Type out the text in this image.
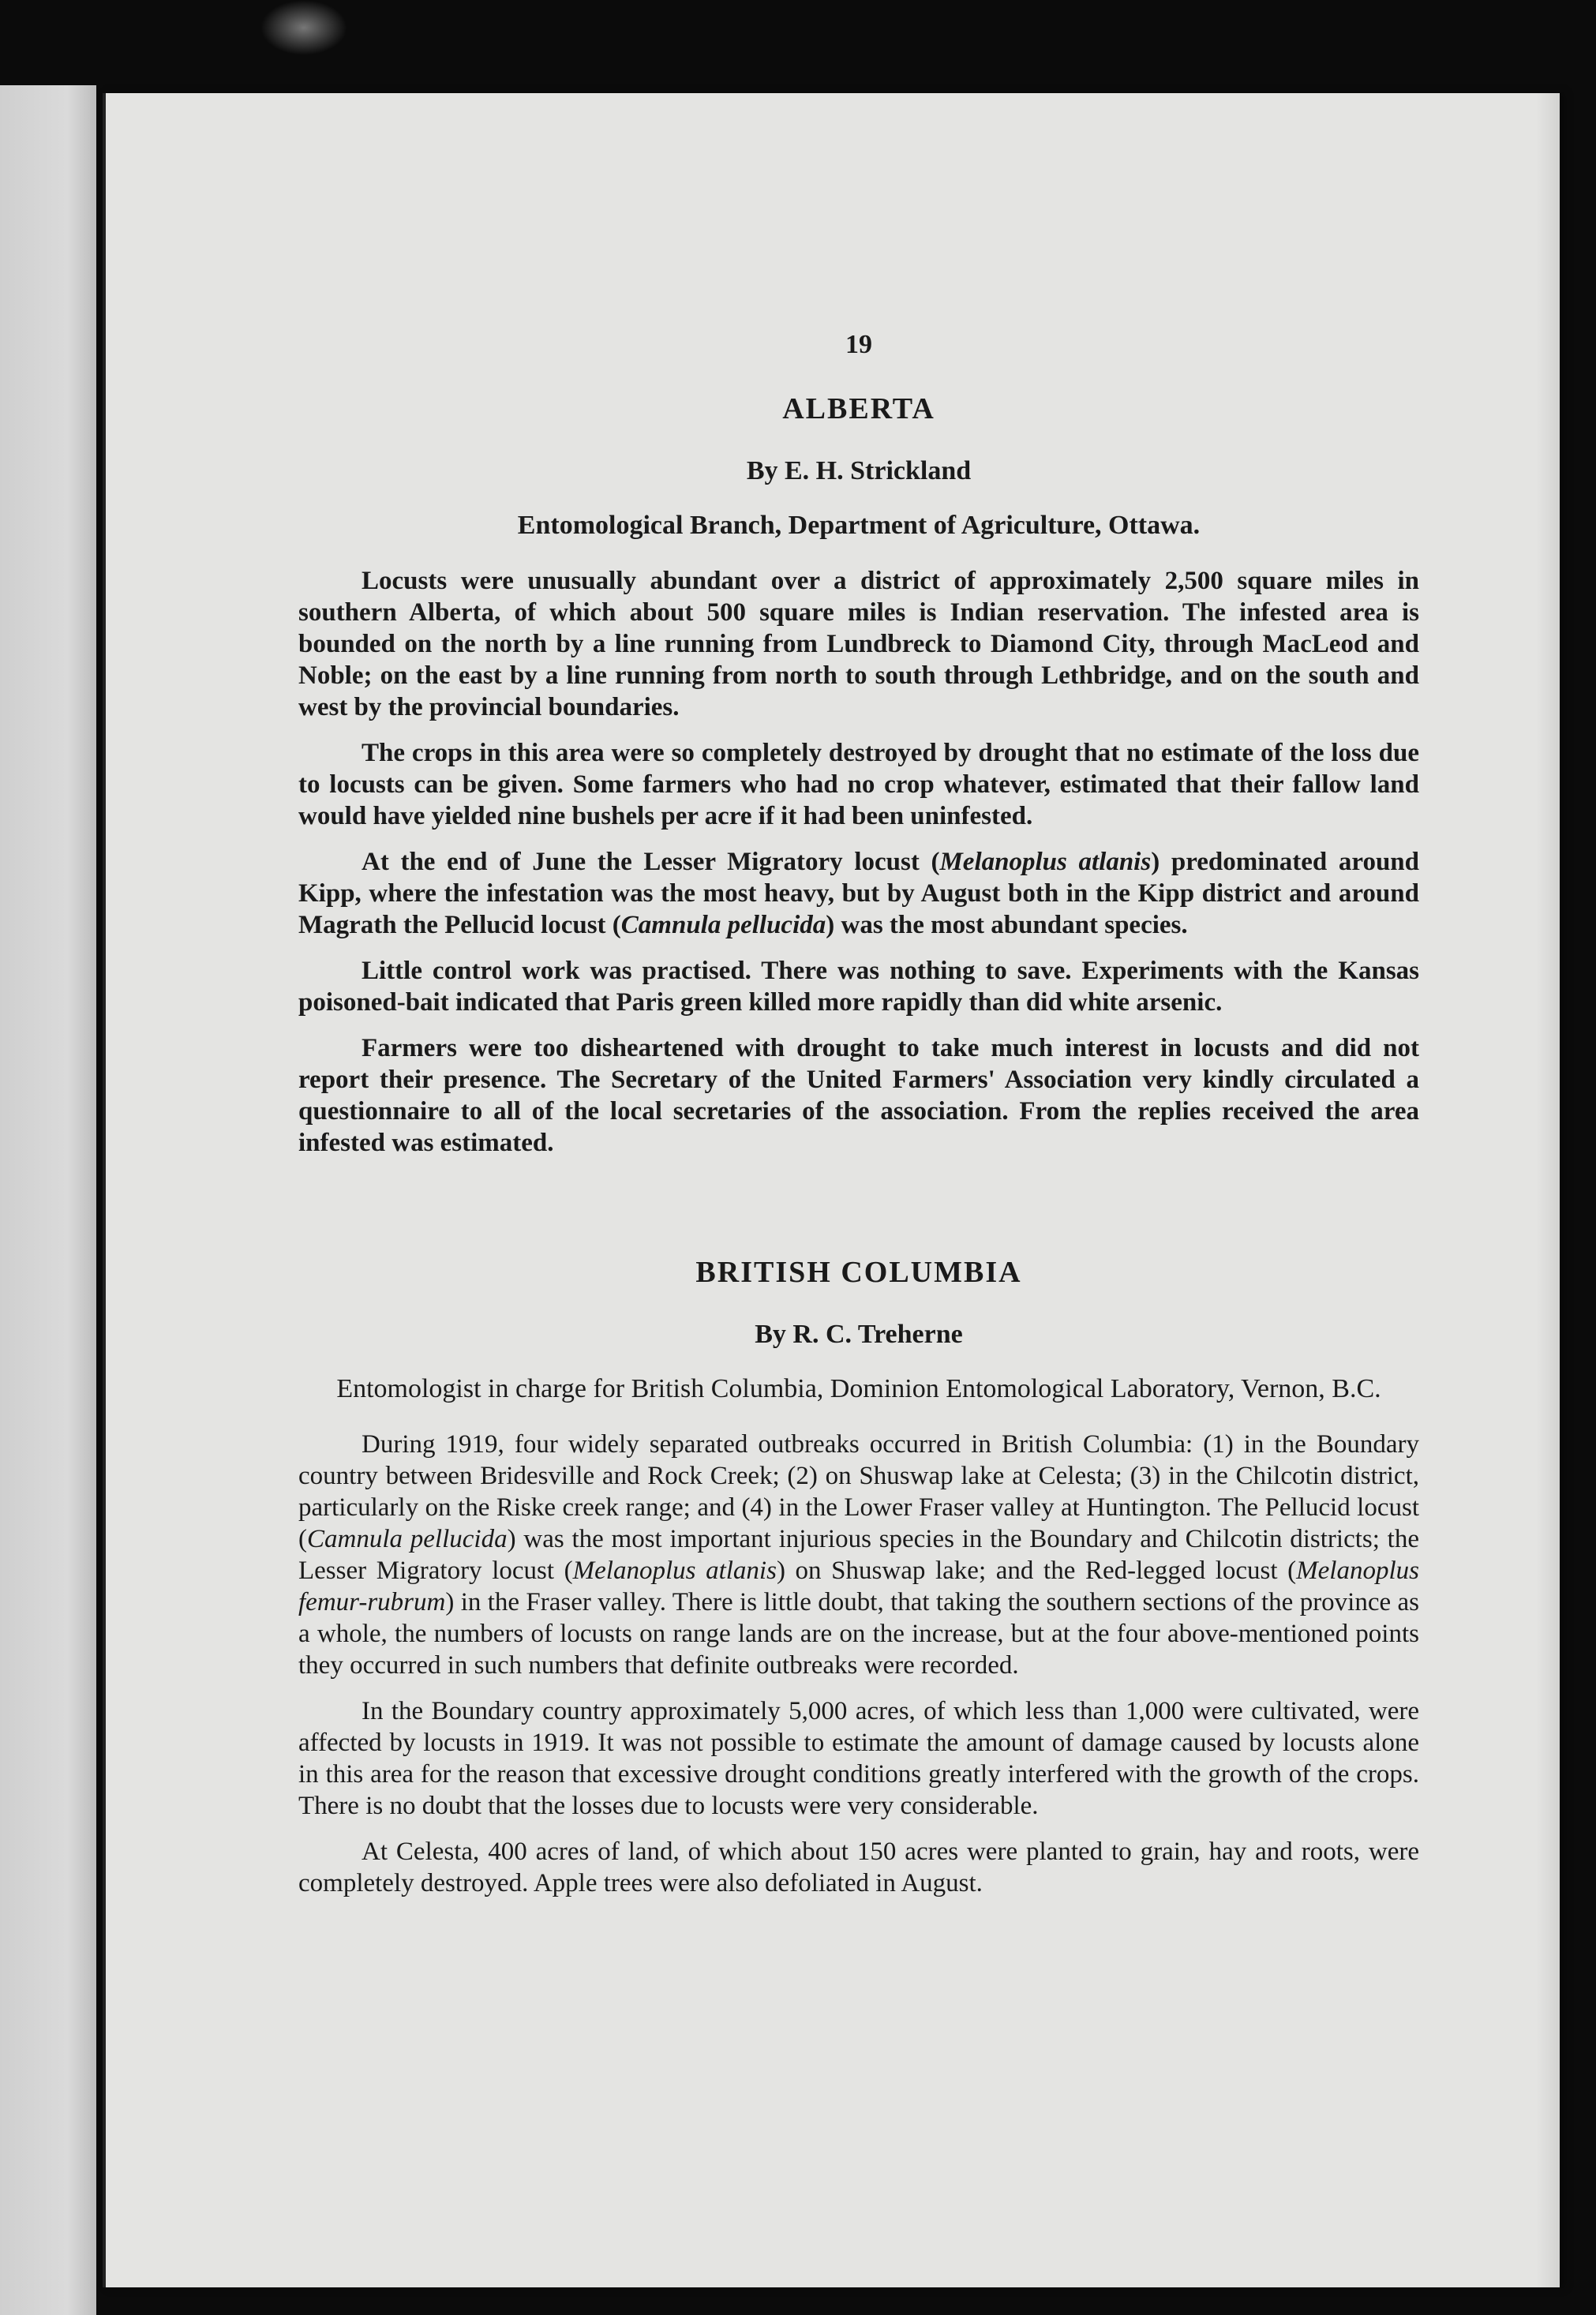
19
ALBERTA
By E. H. Strickland
Entomological Branch, Department of Agriculture, Ottawa.

Locusts were unusually abundant over a district of approximately 2,500 square miles in southern Alberta, of which about 500 square miles is Indian reservation. The infested area is bounded on the north by a line running from Lundbreck to Diamond City, through MacLeod and Noble; on the east by a line running from north to south through Lethbridge, and on the south and west by the provincial boundaries.

The crops in this area were so completely destroyed by drought that no estimate of the loss due to locusts can be given. Some farmers who had no crop whatever, estimated that their fallow land would have yielded nine bushels per acre if it had been uninfested.

At the end of June the Lesser Migratory locust (Melanoplus atlanis) predominated around Kipp, where the infestation was the most heavy, but by August both in the Kipp district and around Magrath the Pellucid locust (Camnula pellucida) was the most abundant species.

Little control work was practised. There was nothing to save. Experiments with the Kansas poisoned-bait indicated that Paris green killed more rapidly than did white arsenic.

Farmers were too disheartened with drought to take much interest in locusts and did not report their presence. The Secretary of the United Farmers' Association very kindly circulated a questionnaire to all of the local secretaries of the association. From the replies received the area infested was estimated.

BRITISH COLUMBIA
By R. C. Treherne
Entomologist in charge for British Columbia, Dominion Entomological Laboratory, Vernon, B.C.

During 1919, four widely separated outbreaks occurred in British Columbia: (1) in the Boundary country between Bridesville and Rock Creek; (2) on Shuswap lake at Celesta; (3) in the Chilcotin district, particularly on the Riske creek range; and (4) in the Lower Fraser valley at Huntington. The Pellucid locust (Camnula pellucida) was the most important injurious species in the Boundary and Chilcotin districts; the Lesser Migratory locust (Melanoplus atlanis) on Shuswap lake; and the Red-legged locust (Melanoplus femur-rubrum) in the Fraser valley. There is little doubt, that taking the southern sections of the province as a whole, the numbers of locusts on range lands are on the increase, but at the four above-mentioned points they occurred in such numbers that definite outbreaks were recorded.

In the Boundary country approximately 5,000 acres, of which less than 1,000 were cultivated, were affected by locusts in 1919. It was not possible to estimate the amount of damage caused by locusts alone in this area for the reason that excessive drought conditions greatly interfered with the growth of the crops. There is no doubt that the losses due to locusts were very considerable.

At Celesta, 400 acres of land, of which about 150 acres were planted to grain, hay and roots, were completely destroyed. Apple trees were also defoliated in August.
